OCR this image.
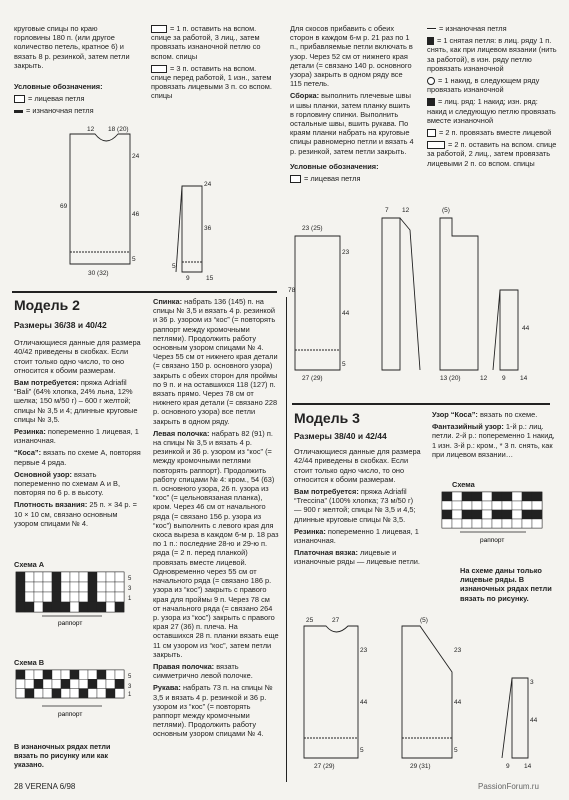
круговые спицы по краю горловины 180 п. (или другое количество петель, кратное 6) и вязать 8 р. резинкой, затем петли закрыть.

Условные обозначения:

= лицевая петля

= изнаночная петля

= 1 п. оставить на вспом. спице за работой, 3 лиц., затем провязать изнаночной петлю со вспом. спицы

= 3 п. оставить на вспом. спице перед работой, 1 изн., затем провязать лицевыми 3 п. со вспом. спицы

12 18 (20)
24
69
46
5
30 (32)
24
36
5
9	15

Для скосов прибавить с обеих сторон в каждом 6-м р. 21 раз по 1 п., прибавляемые петли включать в узор. Через 52 см от нижнего края детали (= связано 140 р. основного узора) закрыть в одном ряду все 115 петель.

Сборка: выполнить плечевые швы и швы планки, затем планку вшить в горловину спинки. Выполнить остальные швы, вшить рукава. По краям планки набрать на круговые спицы равномерно петли и вязать 4 р. резинкой, затем петли закрыть.

Условные обозначения:

= лицевая петля

= изнаночная петля

= 1 снятая петля: в лиц. ряду 1 п. снять, как при лицевом вязании (нить за работой), в изн. ряду петлю провязать изнаночной

= 1 накид, в следующем ряду провязать изнаночной

= лиц. ряд: 1 накид; изн. ряд: накид и следующую петлю провязать вместе изнаночной

= 2 п. провязать вместе лицевой

= 2 п. оставить на вспом. спице за работой, 2 лиц., затем провязать лицевыми 2 п. со вспом. спицы

23 (25)
78
23
44
5
27 (29)
7 12	(5)
13 (20)	12
44
9 14
Модель 2

Размеры 36/38 и 40/42

Отличающиеся данные для размера 40/42 приведены в скобках. Если стоит только одно число, то оно относится к обоим размерам.

Вам потребуется: пряжа Adriafil “Bali” (64% хлопка, 24% льна, 12% шелка; 150 м/50 г) – 600 г желтой; спицы № 3,5 и 4; длинные круговые спицы № 3,5.

Резинка: попеременно 1 лицевая, 1 изнаночная.

“Коса”: вязать по схеме А, повторяя первые 4 ряда.

Основной узор: вязать попеременно по схемам А и В, повторяя по 6 р. в высоту.

Плотность вязания: 25 п. × 34 р. = 10 × 10 см, связано основным узором спицами № 4.

Схема А
5
3
1
раппорт
Схема В
5
3
1
раппорт
В изнаночных рядах петли вязать по рисунку или как указано.

Спинка: набрать 136 (145) п. на спицы № 3,5 и вязать 4 р. резинкой и 36 р. узором из “кос” (= повторять раппорт между кромочными петлями). Продолжить работу основным узором спицами № 4. Через 55 см от нижнего края детали (= связано 150 р. основного узора) закрыть с обеих сторон для проймы по 9 п. и на оставшихся 118 (127) п. вязать прямо. Через 78 см от нижнего края детали (= связано 228 р. основного узора) все петли закрыть в одном ряду.

Левая полочка: набрать 82 (91) п. на спицы № 3,5 и вязать 4 р. резинкой и 36 р. узором из “кос” (= между кромочными петлями повторять раппорт). Продолжить работу спицами № 4: кром., 54 (63) п. основного узора, 26 п. узора из “кос” (= цельновязаная планка), кром. Через 46 см от начального ряда (= связано 156 р. узора из “кос”) выполнить с левого края для скоса выреза в каждом 6-м р. 18 раз по 1 п.: последние 28-ю и 29-ю п. ряда (= 2 п. перед планкой) провязать вместе лицевой. Одновременно через 55 см от начального ряда (= связано 186 р. узора из “кос”) закрыть с правого края для проймы 9 п. Через 78 см от начального ряда (= связано 264 р. узора из “кос”) закрыть с правого края 27 (36) п. плеча. На оставшихся 28 п. планки вязать еще 11 см узором из “кос”, затем петли закрыть.

Правая полочка: вязать симметрично левой полочке.

Рукава: набрать 73 п. на спицы № 3,5 и вязать 4 р. резинкой и 36 р. узором из “кос” (= повторять раппорт между кромочными петлями). Продолжить работу основным узором спицами № 4.

Модель 3

Размеры 38/40 и 42/44

Отличающиеся данные для размера 42/44 приведены в скобках. Если стоит только одно число, то оно относится к обоим размерам.

Вам потребуется: пряжа Adriafil “Treccina” (100% хлопка; 73 м/50 г) — 900 г желтой; спицы № 3,5 и 4,5; длинные круговые спицы № 3,5.

Резинка: попеременно 1 лицевая, 1 изнаночная.

Платочная вязка: лицевые и изнаночные ряды — лицевые петли.

Узор “Коса”: вязать по схеме.

Фантазийный узор: 1-й р.: лиц. петли. 2-й р.: попеременно 1 накид, 1 изн. 3-й р.: кром., * 3 п. снять, как при лицевом вязании…

Схема
раппорт
На схеме даны только лицевые ряды. В изнаночных рядах петли вязать по рисунку.
25	27
23
44
5
27 (29)
(5)
23
44
5
29 (31)
3
44
9 14
28 VERENA 6/98	PassionForum.ru
